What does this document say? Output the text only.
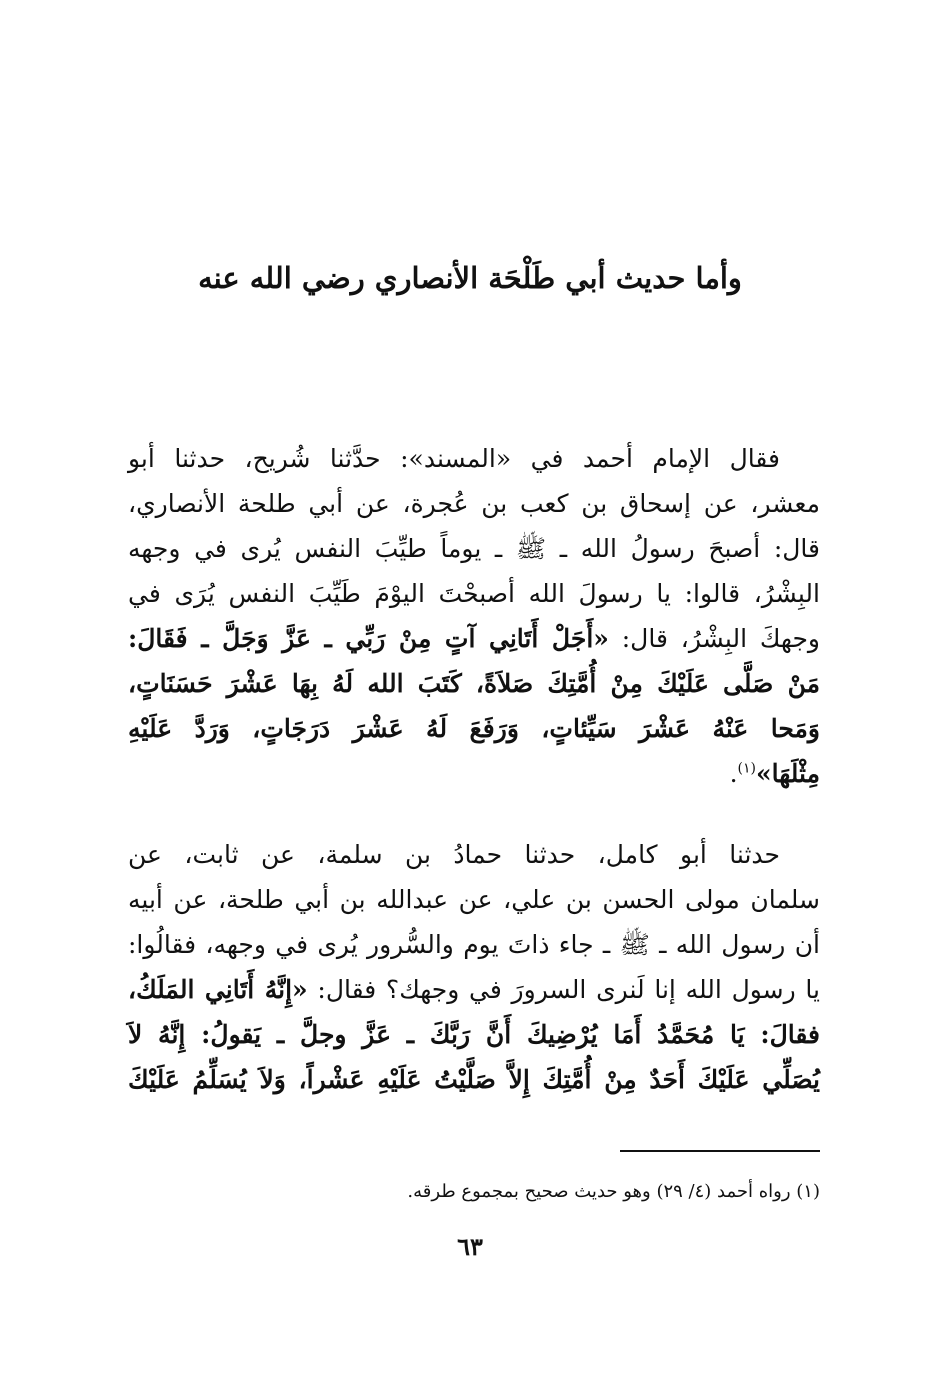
وأما حديث أبي طَلْحَة الأنصاري رضي الله عنه
فقال الإمام أحمد في «المسند»: حدَّثنا شُريح، حدثنا أبو
معشر، عن إسحاق بن كعب بن عُجرة، عن أبي طلحة الأنصاري،
قال: أصبحَ رسولُ الله ـ ﷺ ـ يوماً طيِّبَ النفس يُرى في وجهه
البِشْرُ، قالوا: يا رسولَ الله أصبحْتَ اليوْمَ طَيِّبَ النفس يُرَى في
وجهكَ البِشْرُ، قال: «أَجَلْ أَتَانِي آتٍ مِنْ رَبِّي ـ عَزَّ وَجَلَّ ـ فَقَالَ:
مَنْ صَلَّى عَلَيْكَ مِنْ أُمَّتِكَ صَلاَةً، كَتَبَ الله لَهُ بِهَا عَشْرَ حَسَنَاتٍ،
وَمَحا عَنْهُ عَشْرَ سَيِّئاتٍ، وَرَفَعَ لَهُ عَشْرَ دَرَجَاتٍ، وَرَدَّ عَلَيْهِ
مِثْلَهَا»$^{(١)}$.
حدثنا أبو كامل، حدثنا حمادُ بن سلمة، عن ثابت، عن
سلمان مولى الحسن بن علي، عن عبدالله بن أبي طلحة، عن أبيه
أن رسول الله ـ ﷺ ـ جاء ذاتَ يوم والسُّرور يُرى في وجهه، فقالُوا:
يا رسول الله إنا لَنرى السرورَ في وجهك؟ فقال: «إِنَّهُ أَتَانِي المَلَكُ،
فقالَ: يَا مُحَمَّدُ أَمَا يُرْضِيكَ أَنَّ رَبَّكَ ـ عَزَّ وجلَّ ـ يَقولُ: إِنَّهُ لاَ
يُصَلِّي عَلَيْكَ أَحَدٌ مِنْ أُمَّتِكَ إِلاَّ صَلَّيْتُ عَلَيْهِ عَشْراً، وَلاَ يُسَلِّمُ عَلَيْكَ
(١) رواه أحمد (٤/ ٢٩) وهو حديث صحيح بمجموع طرقه.
٦٣
